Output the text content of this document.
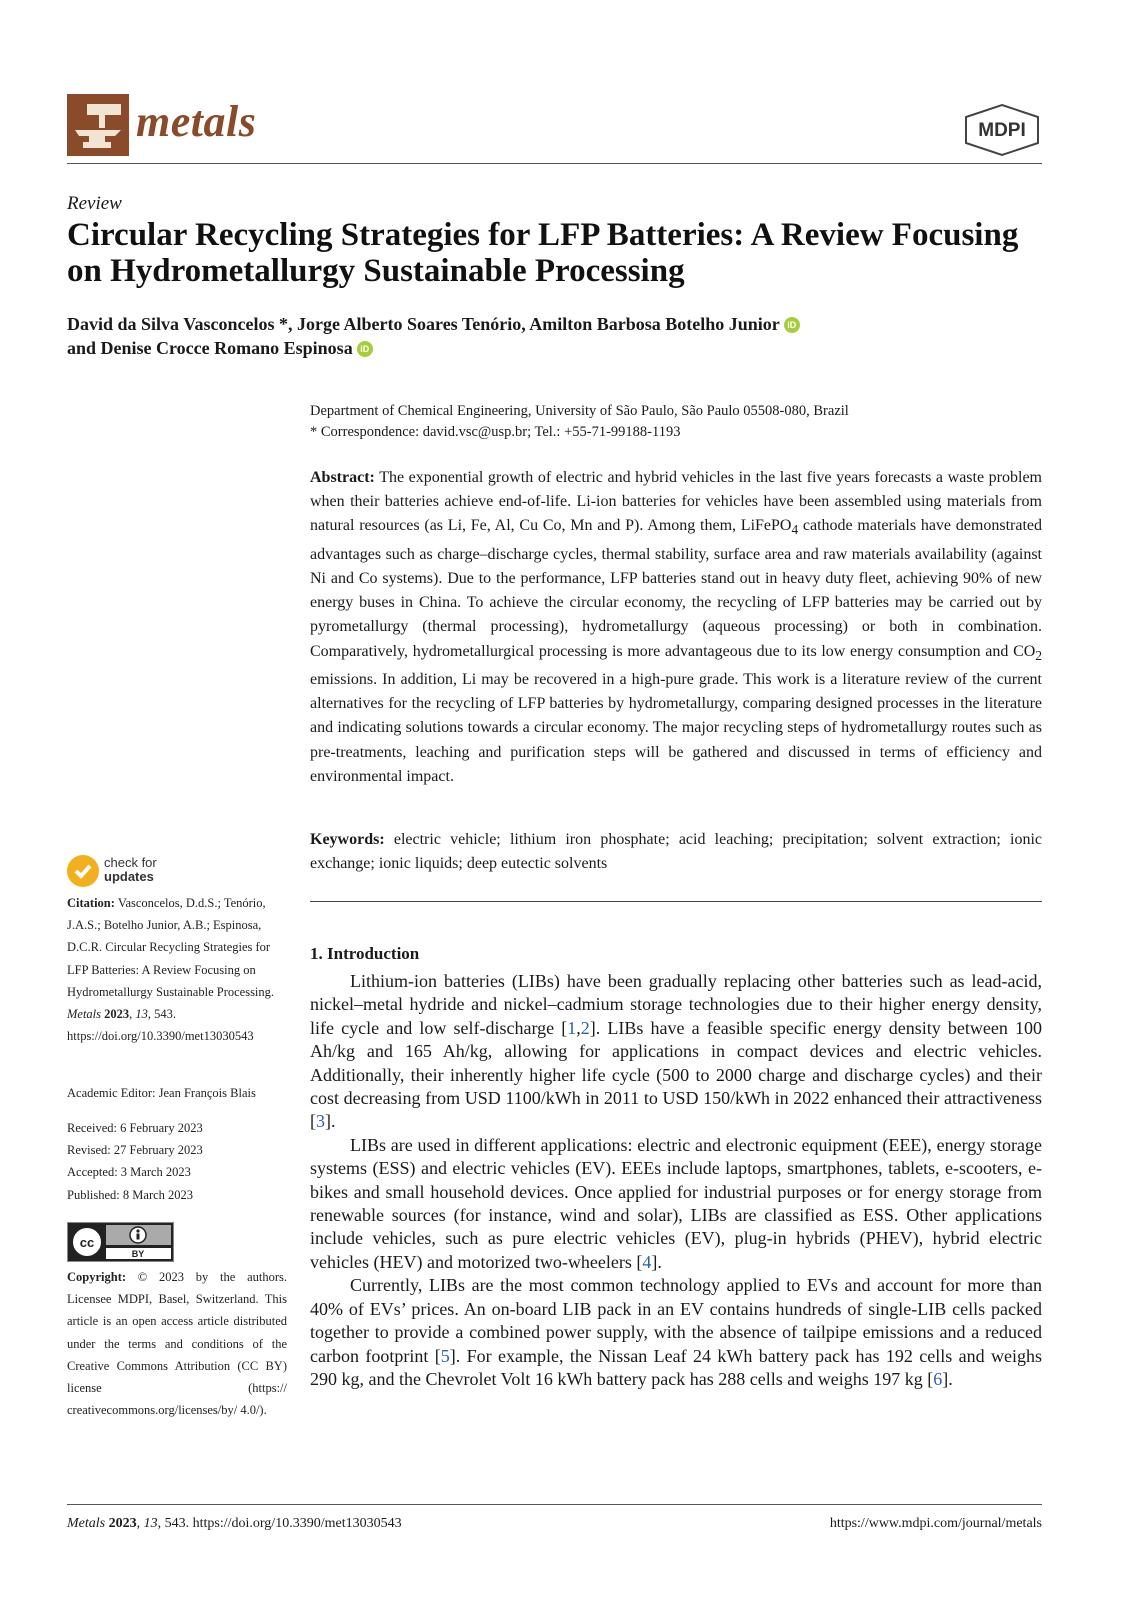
metals	MDPI
Review
Circular Recycling Strategies for LFP Batteries: A Review Focusing on Hydrometallurgy Sustainable Processing
David da Silva Vasconcelos *, Jorge Alberto Soares Tenório, Amilton Barbosa Botelho Junior iD
and Denise Crocce Romano Espinosa iD
Department of Chemical Engineering, University of São Paulo, São Paulo 05508-080, Brazil
* Correspondence: david.vsc@usp.br; Tel.: +55-71-99188-1193
Abstract: The exponential growth of electric and hybrid vehicles in the last five years forecasts a waste problem when their batteries achieve end-of-life. Li-ion batteries for vehicles have been assembled using materials from natural resources (as Li, Fe, Al, Cu Co, Mn and P). Among them, LiFePO$_4$ cathode materials have demonstrated advantages such as charge–discharge cycles, thermal stability, surface area and raw materials availability (against Ni and Co systems). Due to the performance, LFP batteries stand out in heavy duty fleet, achieving 90% of new energy buses in China. To achieve the circular economy, the recycling of LFP batteries may be carried out by pyrometallurgy (thermal processing), hydrometallurgy (aqueous processing) or both in combination. Comparatively, hydrometallurgical processing is more advantageous due to its low energy consumption and $CO_2$ emissions. In addition, Li may be recovered in a high-pure grade. This work is a literature review of the current alternatives for the recycling of LFP batteries by hydrometallurgy, comparing designed processes in the literature and indicating solutions towards a circular economy. The major recycling steps of hydrometallurgy routes such as pre-treatments, leaching and purification steps will be gathered and discussed in terms of efficiency and environmental impact.
Keywords: electric vehicle; lithium iron phosphate; acid leaching; precipitation; solvent extraction; ionic exchange; ionic liquids; deep eutectic solvents
1. Introduction

Lithium-ion batteries (LIBs) have been gradually replacing other batteries such as lead-acid, nickel–metal hydride and nickel–cadmium storage technologies due to their higher energy density, life cycle and low self-discharge [1,2]. LIBs have a feasible specific energy density between 100 Ah/kg and 165 Ah/kg, allowing for applications in compact devices and electric vehicles. Additionally, their inherently higher life cycle (500 to 2000 charge and discharge cycles) and their cost decreasing from USD 1100/kWh in 2011 to USD 150/kWh in 2022 enhanced their attractiveness [3].

LIBs are used in different applications: electric and electronic equipment (EEE), energy storage systems (ESS) and electric vehicles (EV). EEEs include laptops, smartphones, tablets, e-scooters, e-bikes and small household devices. Once applied for industrial purposes or for energy storage from renewable sources (for instance, wind and solar), LIBs are classified as ESS. Other applications include vehicles, such as pure electric vehicles (EV), plug-in hybrids (PHEV), hybrid electric vehicles (HEV) and motorized two-wheelers [4].

Currently, LIBs are the most common technology applied to EVs and account for more than 40% of EVs’ prices. An on-board LIB pack in an EV contains hundreds of single-LIB cells packed together to provide a combined power supply, with the absence of tailpipe emissions and a reduced carbon footprint [5]. For example, the Nissan Leaf 24 kWh battery pack has 192 cells and weighs 290 kg, and the Chevrolet Volt 16 kWh battery pack has 288 cells and weighs 197 kg [6].

check for
updates
Citation: Vasconcelos, D.d.S.; Tenório, J.A.S.; Botelho Junior, A.B.; Espinosa, D.C.R. Circular Recycling Strategies for LFP Batteries: A Review Focusing on Hydrometallurgy Sustainable Processing. Metals 2023, 13, 543. https://doi.org/10.3390/met13030543
Academic Editor: Jean François Blais
Received: 6 February 2023
Revised: 27 February 2023
Accepted: 3 March 2023
Published: 8 March 2023
cc
BY
Copyright: © 2023 by the authors. Licensee MDPI, Basel, Switzerland. This article is an open access article distributed under the terms and conditions of the Creative Commons Attribution (CC BY) license (https:// creativecommons.org/licenses/by/ 4.0/).
Metals 2023, 13, 543. https://doi.org/10.3390/met13030543	https://www.mdpi.com/journal/metals
